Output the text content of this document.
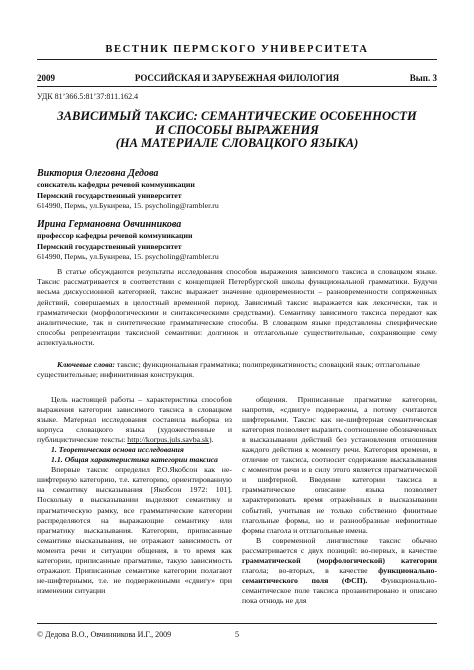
ВЕСТНИК ПЕРМСКОГО УНИВЕРСИТЕТА
2009	РОССИЙСКАЯ И ЗАРУБЕЖНАЯ ФИЛОЛОГИЯ	Вып. 3
УДК 81’366.5:81’37:811.162.4
ЗАВИСИМЫЙ ТАКСИС: СЕМАНТИЧЕСКИЕ ОСОБЕННОСТИ
И СПОСОБЫ ВЫРАЖЕНИЯ
(НА МАТЕРИАЛЕ СЛОВАЦКОГО ЯЗЫКА)
Виктория Олеговна Дедова
соискатель кафедры речевой коммуникации
Пермский государственный университет
614990, Пермь, ул.Букирева, 15. psycholing@rambler.ru
Ирина Германовна Овчинникова
профессор кафедры речевой коммуникации
Пермский государственный университет
614990, Пермь, ул.Букирева, 15. psycholing@rambler.ru
В статье обсуждаются результаты исследования способов выражения зависимого таксиса в словацком языке. Таксис рассматривается в соответствии с концепцией Петербургской школы функциональной грамматики. Будучи весьма дискуссионной категорией, таксис выражает значение одновременности – разновременности сопряженных действий, совершаемых в целостный временной период. Зависимый таксис выражается как лексически, так и грамматически (морфологическими и синтаксическими средствами). Семантику зависимого таксиса передают как аналитические, так и синтетические грамматические способы. В словацком языке представлены специфические способы репрезентации таксисной семантики: долгинок и отглагольные существительные, сохраняющие сему аспектуальности.
Ключевые слова: таксис; функциональная грамматика; полипредикативность; словацкий язык; отглагольные существительные; инфинитивная конструкция.

Цель настоящей работы – характеристика способов выражения категории зависимого таксиса в словацком языке. Материал исследования составила выборка из корпуса словацкого языка (художественные и публицистические тексты: http://korpus.juls.savba.sk).

1. Теоретическая основа исследования

1.1. Общая характеристика категории таксиса

Впервые таксис определил Р.О.Якобсон как не-шифтерную категорию, т.е. категорию, ориентированную на семантику высказывания [Якобсон 1972: 101]. Поскольку в высказывании выделяют семантику и прагматическую рамку, все грамматические категории распределяются на выражающие семантику или прагматику высказывания. Категории, приписанные семантике высказывания, не отражают зависимость от момента речи и ситуации общения, в то время как категории, приписанные прагматике, такую зависимость отражают. Приписанные семантике категории полагают не-шифтерными, т.е. не подверженными «сдвигу» при изменении ситуации

общения. Приписанные прагматике категории, напротив, «сдвигу» подвержены, а потому считаются шифтерными. Таксис как не-шифтерная семантическая категория позволяет выразить соотношение обозначенных в высказывании действий без установления отношения каждого действия к моменту речи. Категория времени, в отличие от таксиса, соотносит содержание высказывания с моментом речи и в силу этого является прагматической и шифтерной. Введение категории таксиса в грамматическое описание языка позволяет характеризовать время отражённых в высказывании событий, учитывая не только собственно финитные глагольные формы, но и разнообразные нефинитные формы глагола и отглагольные имена.

В современной лингвистике таксис обычно рассматривается с двух позиций: во-первых, в качестве грамматической (морфологической) категории глагола; во-вторых, в качестве функционально-семантического поля (ФСП). Функционально-семантическое поле таксиса прозаинтировано и описано пока отнюдь не для

© Дедова В.О., Овчинникова И.Г., 2009	5
